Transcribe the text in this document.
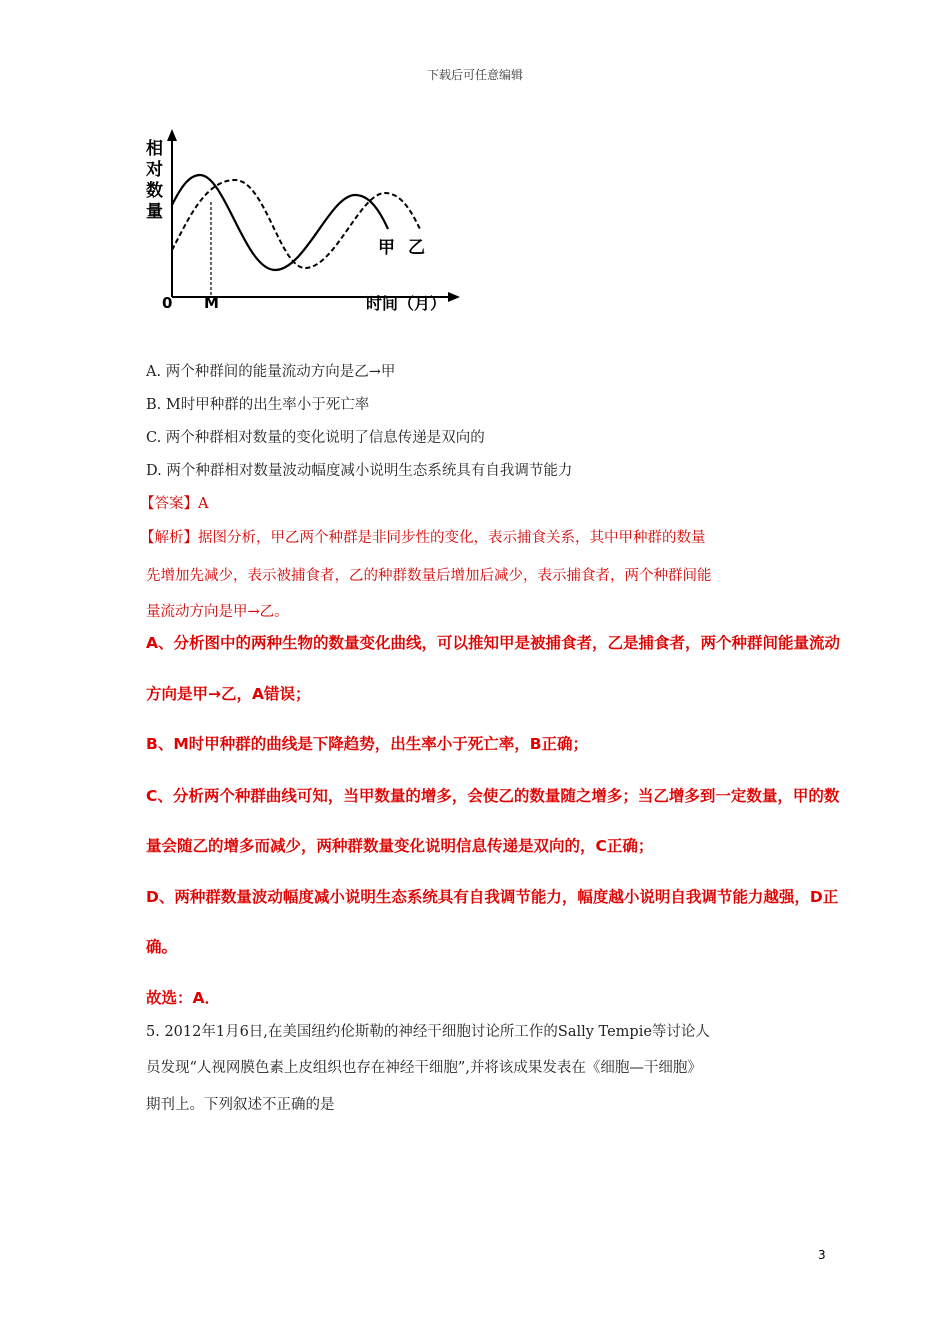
下载后可任意编辑
相
对
数
量
甲 乙
0 M	时间（月）
A. 两个种群间的能量流动方向是乙→甲
B. M时甲种群的出生率小于死亡率
C. 两个种群相对数量的变化说明了信息传递是双向的
D. 两个种群相对数量波动幅度减小说明生态系统具有自我调节能力
【答案】A
【解析】据图分析，甲乙两个种群是非同步性的变化，表示捕食关系，其中甲种群的数量
先增加先减少，表示被捕食者，乙的种群数量后增加后减少，表示捕食者，两个种群间能
量流动方向是甲→乙。
A、分析图中的两种生物的数量变化曲线，可以推知甲是被捕食者，乙是捕食者，两个种群间能量流动
方向是甲→乙，A错误；
B、M时甲种群的曲线是下降趋势，出生率小于死亡率，B正确；
C、分析两个种群曲线可知，当甲数量的增多，会使乙的数量随之增多；当乙增多到一定数量，甲的数
量会随乙的增多而减少，两种群数量变化说明信息传递是双向的，C正确；
D、两种群数量波动幅度减小说明生态系统具有自我调节能力，幅度越小说明自我调节能力越强，D正
确。
故选：A．
5. 2012年1月6日,在美国纽约伦斯勒的神经干细胞讨论所工作的Sally Tempie等讨论人
员发现“人视网膜色素上皮组织也存在神经干细胞”,并将该成果发表在《细胞—干细胞》
期刊上。下列叙述不正确的是
3
